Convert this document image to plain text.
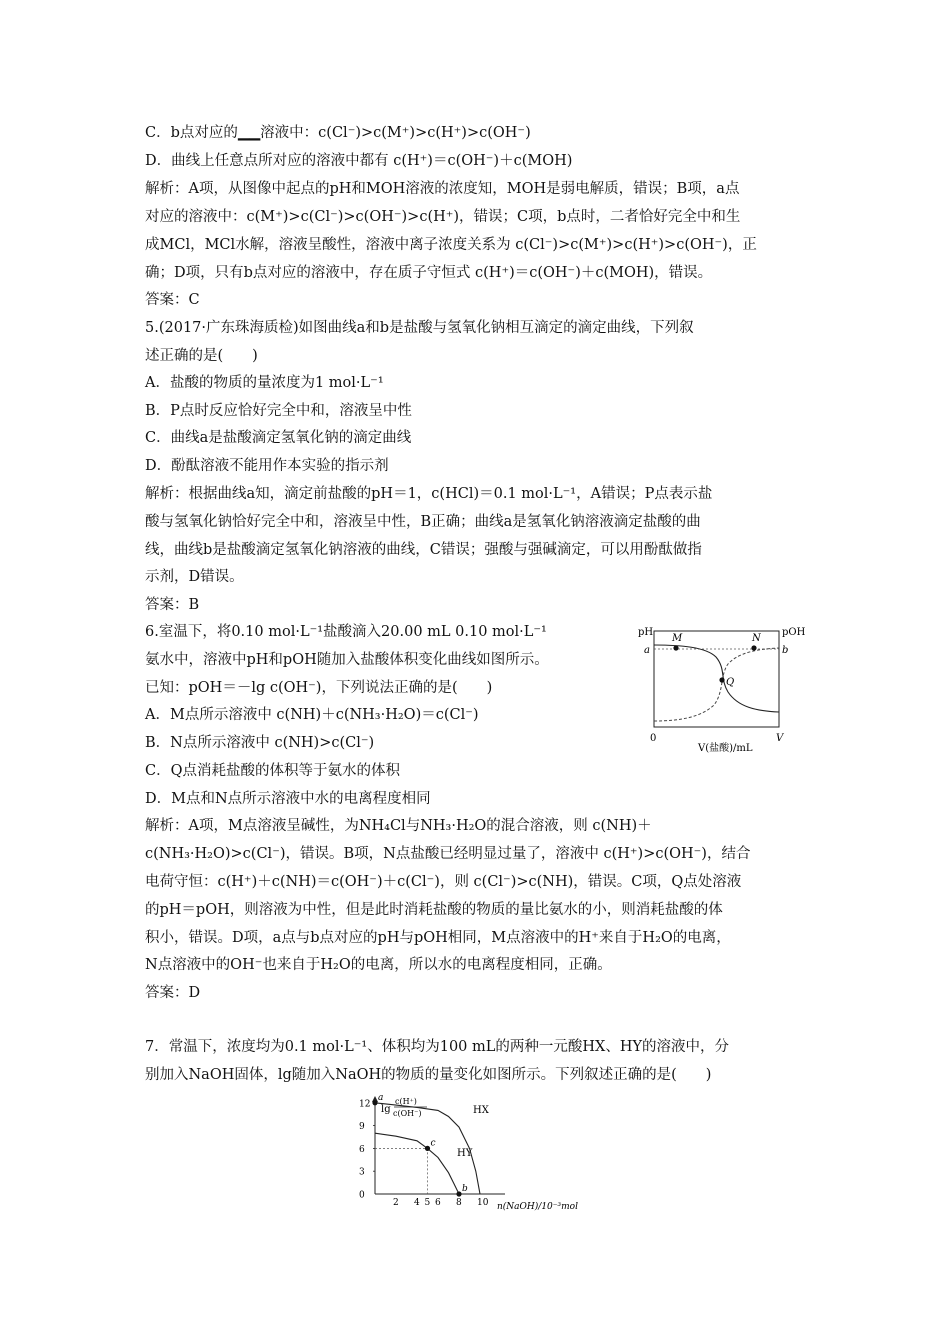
C．b点对应的▁▁溶液中：c(Cl⁻)>c(M⁺)>c(H⁺)>c(OH⁻)
D．曲线上任意点所对应的溶液中都有 c(H⁺)＝c(OH⁻)＋c(MOH)
解析：A项，从图像中起点的pH和MOH溶液的浓度知，MOH是弱电解质，错误；B项，a点
对应的溶液中：c(M⁺)>c(Cl⁻)>c(OH⁻)>c(H⁺)，错误；C项，b点时，二者恰好完全中和生
成MCl，MCl水解，溶液呈酸性，溶液中离子浓度关系为 c(Cl⁻)>c(M⁺)>c(H⁺)>c(OH⁻)，正
确；D项，只有b点对应的溶液中，存在质子守恒式 c(H⁺)＝c(OH⁻)＋c(MOH)，错误。
答案：C
5.(2017·广东珠海质检)如图曲线a和b是盐酸与氢氧化钠相互滴定的滴定曲线，下列叙
述正确的是(　　)
A．盐酸的物质的量浓度为1 mol·L⁻¹
B．P点时反应恰好完全中和，溶液呈中性
C．曲线a是盐酸滴定氢氧化钠的滴定曲线
D．酚酞溶液不能用作本实验的指示剂
解析：根据曲线a知，滴定前盐酸的pH＝1，c(HCl)＝0.1 mol·L⁻¹，A错误；P点表示盐
酸与氢氧化钠恰好完全中和，溶液呈中性，B正确；曲线a是氢氧化钠溶液滴定盐酸的曲
线，曲线b是盐酸滴定氢氧化钠溶液的曲线，C错误；强酸与强碱滴定，可以用酚酞做指
示剂，D错误。
答案：B
6.室温下，将0.10 mol·L⁻¹盐酸滴入20.00 mL 0.10 mol·L⁻¹
氨水中，溶液中pH和pOH随加入盐酸体积变化曲线如图所示。
已知：pOH＝－lg c(OH⁻)，下列说法正确的是(　　)
A．M点所示溶液中 c(NH)＋c(NH₃·H₂O)＝c(Cl⁻)
B．N点所示溶液中 c(NH)>c(Cl⁻)
C．Q点消耗盐酸的体积等于氨水的体积
D．M点和N点所示溶液中水的电离程度相同
解析：A项，M点溶液呈碱性，为NH₄Cl与NH₃·H₂O的混合溶液，则 c(NH)＋
c(NH₃·H₂O)>c(Cl⁻)，错误。B项，N点盐酸已经明显过量了，溶液中 c(H⁺)>c(OH⁻)，结合
电荷守恒：c(H⁺)＋c(NH)＝c(OH⁻)＋c(Cl⁻)，则 c(Cl⁻)>c(NH)，错误。C项，Q点处溶液
的pH＝pOH，则溶液为中性，但是此时消耗盐酸的物质的量比氨水的小，则消耗盐酸的体
积小，错误。D项，a点与b点对应的pH与pOH相同，M点溶液中的H⁺来自于H₂O的电离，
N点溶液中的OH⁻也来自于H₂O的电离，所以水的电离程度相同，正确。
答案：D
pH	pOH
a	b
M	N
Q
0	V
V(盐酸)/mL
7．常温下，浓度均为0.1 mol·L⁻¹、体积均为100 mL的两种一元酸HX、HY的溶液中，分
别加入NaOH固体，lg随加入NaOH的物质的量变化如图所示。下列叙述正确的是(　　)
lg
c(H⁺)
c(OH⁻)
12
9
6
3
0
2 4 5 6 8 10
a
c
b
HX
HY
n(NaOH)/10⁻³mol
